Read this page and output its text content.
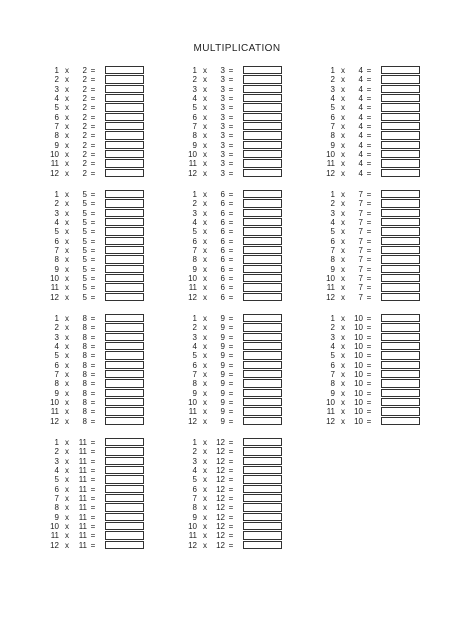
MULTIPLICATION
1 x	2 =
2 x	2 =
3 x	2 =
4 x	2 =
5 x	2 =
6 x	2 =
7 x	2 =
8 x	2 =
9 x	2 =
10 x	2 =
11 x	2 =
12 x	2 =
1 x	3 =
2 x	3 =
3 x	3 =
4 x	3 =
5 x	3 =
6 x	3 =
7 x	3 =
8 x	3 =
9 x	3 =
10 x	3 =
11 x	3 =
12 x	3 =
1 x	4 =
2 x	4 =
3 x	4 =
4 x	4 =
5 x	4 =
6 x	4 =
7 x	4 =
8 x	4 =
9 x	4 =
10 x	4 =
11 x	4 =
12 x	4 =
1 x	5 =
2 x	5 =
3 x	5 =
4 x	5 =
5 x	5 =
6 x	5 =
7 x	5 =
8 x	5 =
9 x	5 =
10 x	5 =
11 x	5 =
12 x	5 =
1 x	6 =
2 x	6 =
3 x	6 =
4 x	6 =
5 x	6 =
6 x	6 =
7 x	6 =
8 x	6 =
9 x	6 =
10 x	6 =
11 x	6 =
12 x	6 =
1 x	7 =
2 x	7 =
3 x	7 =
4 x	7 =
5 x	7 =
6 x	7 =
7 x	7 =
8 x	7 =
9 x	7 =
10 x	7 =
11 x	7 =
12 x	7 =
1 x	8 =
2 x	8 =
3 x	8 =
4 x	8 =
5 x	8 =
6 x	8 =
7 x	8 =
8 x	8 =
9 x	8 =
10 x	8 =
11 x	8 =
12 x	8 =
1 x	9 =
2 x	9 =
3 x	9 =
4 x	9 =
5 x	9 =
6 x	9 =
7 x	9 =
8 x	9 =
9 x	9 =
10 x	9 =
11 x	9 =
12 x	9 =
1 x	10 =
2 x	10 =
3 x	10 =
4 x	10 =
5 x	10 =
6 x	10 =
7 x	10 =
8 x	10 =
9 x	10 =
10 x	10 =
11 x	10 =
12 x	10 =
1 x	11 =
2 x	11 =
3 x	11 =
4 x	11 =
5 x	11 =
6 x	11 =
7 x	11 =
8 x	11 =
9 x	11 =
10 x	11 =
11 x	11 =
12 x	11 =
1 x	12 =
2 x	12 =
3 x	12 =
4 x	12 =
5 x	12 =
6 x	12 =
7 x	12 =
8 x	12 =
9 x	12 =
10 x	12 =
11 x	12 =
12 x	12 =
